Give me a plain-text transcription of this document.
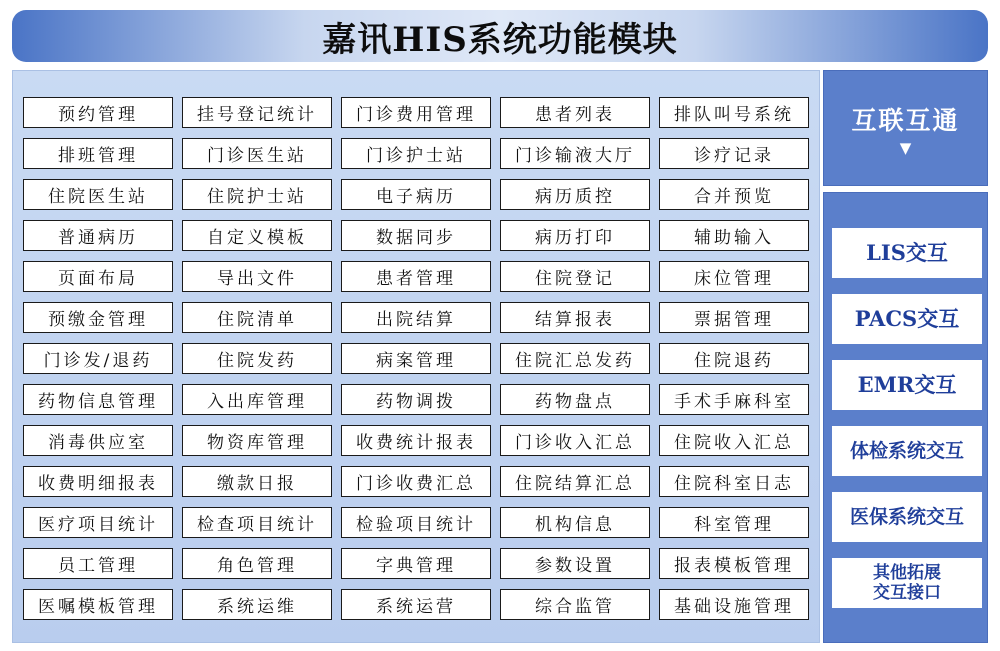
嘉讯HIS系统功能模块
预约管理	挂号登记统计	门诊费用管理	患者列表	排队叫号系统
排班管理	门诊医生站	门诊护士站	门诊输液大厅	诊疗记录
住院医生站	住院护士站	电子病历	病历质控	合并预览
普通病历	自定义模板	数据同步	病历打印	辅助输入
页面布局	导出文件	患者管理	住院登记	床位管理
预缴金管理	住院清单	出院结算	结算报表	票据管理
门诊发/退药	住院发药	病案管理	住院汇总发药	住院退药
药物信息管理	入出库管理	药物调拨	药物盘点	手术手麻科室
消毒供应室	物资库管理	收费统计报表	门诊收入汇总	住院收入汇总
收费明细报表	缴款日报	门诊收费汇总	住院结算汇总	住院科室日志
医疗项目统计	检查项目统计	检验项目统计	机构信息	科室管理
员工管理	角色管理	字典管理	参数设置	报表模板管理
医嘱模板管理	系统运维	系统运营	综合监管	基础设施管理
互联互通
▼
LIS交互
PACS交互
EMR交互
体检系统交互
医保系统交互
其他拓展
交互接口
